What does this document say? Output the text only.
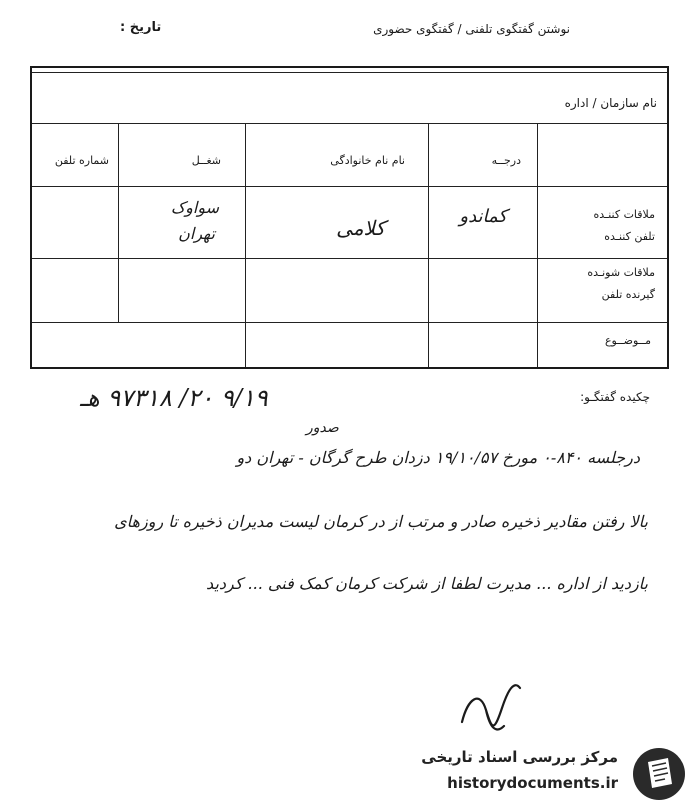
تاریخ :	نوشتن گفتگوی تلفنی / گفتگوی حضوری
نام سازمان / اداره
درجــه
نام نام خانوادگی
شغــل
شماره تلفن
ملاقات کننـده
تلفن کننـده
ملاقات شونـده
گیرنده تلفن
مــوضــوع
کماندو
کلامی
سواوک
تهران
چکیده گفتگـو:
۹/۱۹ ۲۰/ ۹۷۳۱۸ هـ
صدور
درجلسه ۸۴۰-۰ مورخ ۱۹/۱۰/۵۷ دزدان طرح گرگان - تهران دو
بالا رفتن مقادیر ذخیره صادر و مرتب از در کرمان لیست مدیران ذخیره تا روزهای
بازدید از اداره ... مدیرت لطفا از شرکت کرمان کمک فنی ... کردید
مرکز بررسی اسناد تاریخی
historydocuments.ir
